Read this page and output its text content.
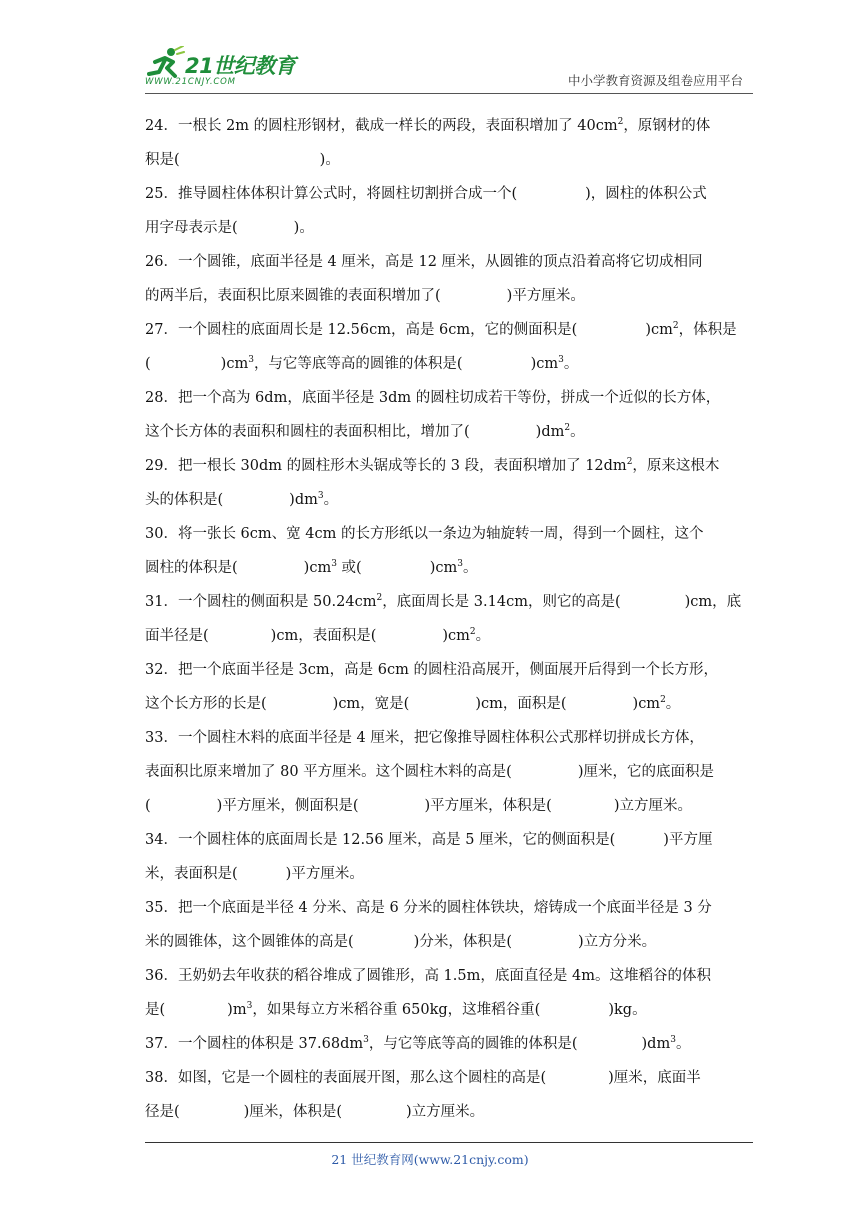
21世纪教育
WWW.21CNJY.COM	中小学教育资源及组卷应用平台
24．一根长 2m 的圆柱形钢材，截成一样长的两段，表面积增加了 $40cm^2$，原钢材的体
积是(	)。
25．推导圆柱体体积计算公式时，将圆柱切割拼合成一个(	)，圆柱的体积公式
用字母表示是(	)。
26．一个圆锥，底面半径是 4 厘米，高是 12 厘米，从圆锥的顶点沿着高将它切成相同
的两半后，表面积比原来圆锥的表面积增加了(	)平方厘米。
27．一个圆柱的底面周长是 12.56cm，高是 6cm，它的侧面积是(	)$cm^2$，体积是
(	)$cm^3$，与它等底等高的圆锥的体积是(	)$cm^3$。
28．把一个高为 6dm，底面半径是 3dm 的圆柱切成若干等份，拼成一个近似的长方体，
这个长方体的表面积和圆柱的表面积相比，增加了(	)$dm^2$。
29．把一根长 30dm 的圆柱形木头锯成等长的 3 段，表面积增加了 $12dm^2$，原来这根木
头的体积是(	)$dm^3$。
30．将一张长 6cm、宽 4cm 的长方形纸以一条边为轴旋转一周，得到一个圆柱，这个
圆柱的体积是(	)$cm^3$ 或(	)$cm^3$。
31．一个圆柱的侧面积是 $50.24cm^2$，底面周长是 3.14cm，则它的高是(	)cm，底
面半径是(	)cm，表面积是(	)$cm^2$。
32．把一个底面半径是 3cm，高是 6cm 的圆柱沿高展开，侧面展开后得到一个长方形，
这个长方形的长是(	)cm，宽是(	)cm，面积是(	)$cm^2$。
33．一个圆柱木料的底面半径是 4 厘米，把它像推导圆柱体积公式那样切拼成长方体，
表面积比原来增加了 80 平方厘米。这个圆柱木料的高是(	)厘米，它的底面积是
(	)平方厘米，侧面积是(	)平方厘米，体积是(	)立方厘米。
34．一个圆柱体的底面周长是 12.56 厘米，高是 5 厘米，它的侧面积是(	)平方厘
米，表面积是(	)平方厘米。
35．把一个底面是半径 4 分米、高是 6 分米的圆柱体铁块，熔铸成一个底面半径是 3 分
米的圆锥体，这个圆锥体的高是(	)分米，体积是(	)立方分米。
36．王奶奶去年收获的稻谷堆成了圆锥形，高 1.5m，底面直径是 4m。这堆稻谷的体积
是(	)$m^3$，如果每立方米稻谷重 650kg，这堆稻谷重(	)kg。
37．一个圆柱的体积是 $37.68dm^3$，与它等底等高的圆锥的体积是(	)$dm^3$。
38．如图，它是一个圆柱的表面展开图，那么这个圆柱的高是(	)厘米，底面半
径是(	)厘米，体积是(	)立方厘米。
21 世纪教育网(www.21cnjy.com)
